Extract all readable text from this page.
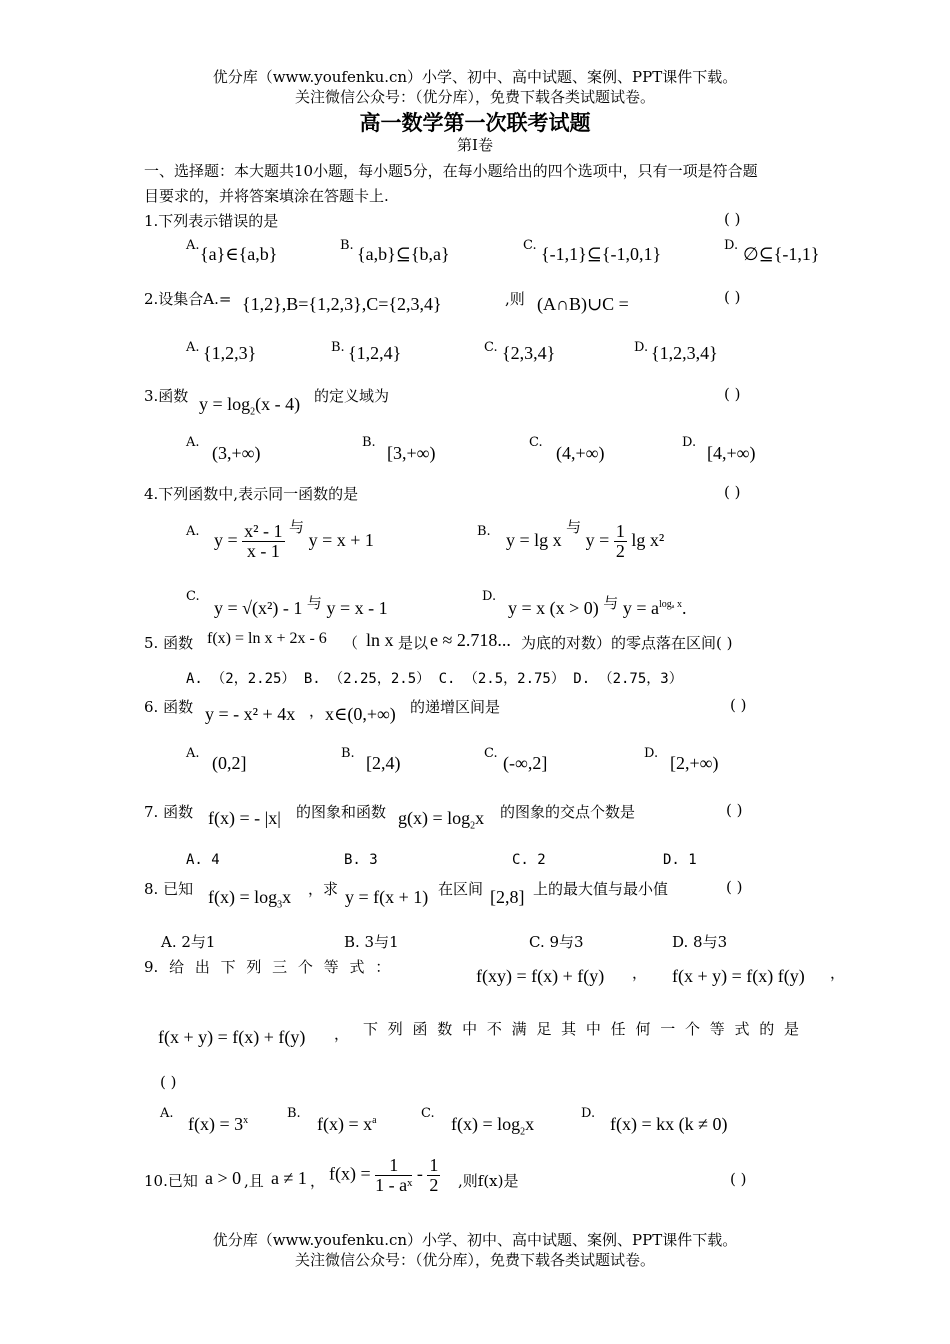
优分库（www.youfenku.cn）小学、初中、高中试题、案例、PPT课件下载。
关注微信公众号：（优分库），免费下载各类试题试卷。
高一数学第一次联考试题
第I卷
一、选择题：本大题共10小题，每小题5分，在每小题给出的四个选项中，只有一项是符合题
目要求的，并将答案填涂在答题卡上.
1.下列表示错误的是	( )
A. {a}∈{a,b}	B. {a,b}⊆{b,a}	C. {-1,1}⊆{-1,0,1}	D. ∅⊆{-1,1}
2.设集合A.= {1,2},B={1,2,3},C={2,3,4}	,则 (A∩B)∪C =	( )
A. {1,2,3}	B. {1,2,4}	C. {2,3,4}	D. {1,2,3,4}
3.函数 $y = \log_2(x - 4)$ 的定义域为	( )
A.
(3,+∞)
B.
[3,+∞)
C.
(4,+∞)
D.
[4,+∞)
4.下列函数中,表示同一函数的是	( )
A. $y = \frac{\text{x² - 1}}{x - 1} ^与$ y = x + 1	B. y = lg x $^与$ $y = \frac{1}{2}$ lg x²
C.
y = √(x²) - 1 $^与$ y = x - 1
D.
y = x (x > 0) $^与$ $y = a^{log_a x}$.
5. 函数 f(x) = ln x + 2x - 6 （ ln x 是以 e ≈ 2.718... 为底的对数）的零点落在区间( )
A. （2，2.25） B. （2.25，2.5） C. （2.5，2.75） D. （2.75，3）
6. 函数 y = - x² + 4x ， x∈(0,+∞) 的递增区间是	( )
A. (0,2]	B. [2,4)	C. (-∞,2]	D. [2,+∞)
7. 函数 f(x) = - |x| 的图象和函数 $g(x) = \log_2x$ 的图象的交点个数是	( )
A. 4	B. 3	C. 2	D. 1
8. 已知 $f(x) = \log_3x$ ，求 y = f(x + 1) 在区间 [2,8] 上的最大值与最小值	( )
A. 2与1	B. 3与1	C. 9与3	D. 8与3
9. 给 出 下 列 三 个 等 式 ：	f(xy) = f(x) + f(y) ， f(x + y) = f(x) f(y) ，
f(x + y) = f(x) + f(y) ， 下 列 函 数 中 不 满 足 其 中 任 何 一 个 等 式 的 是
( )
A.
$f(x) = 3^x$	B.
$f(x) = x^a$	C.
$f(x) = \log_2x$
D.
f(x) = kx (k ≠ 0)
10.已知 a > 0 ,且 a ≠ 1 ， $f(x) = \frac{1}{\text{1 - aˣ}} - \frac{1}{2}$ ,则f(x)是	( )
优分库（www.youfenku.cn）小学、初中、高中试题、案例、PPT课件下载。
关注微信公众号：（优分库），免费下载各类试题试卷。
